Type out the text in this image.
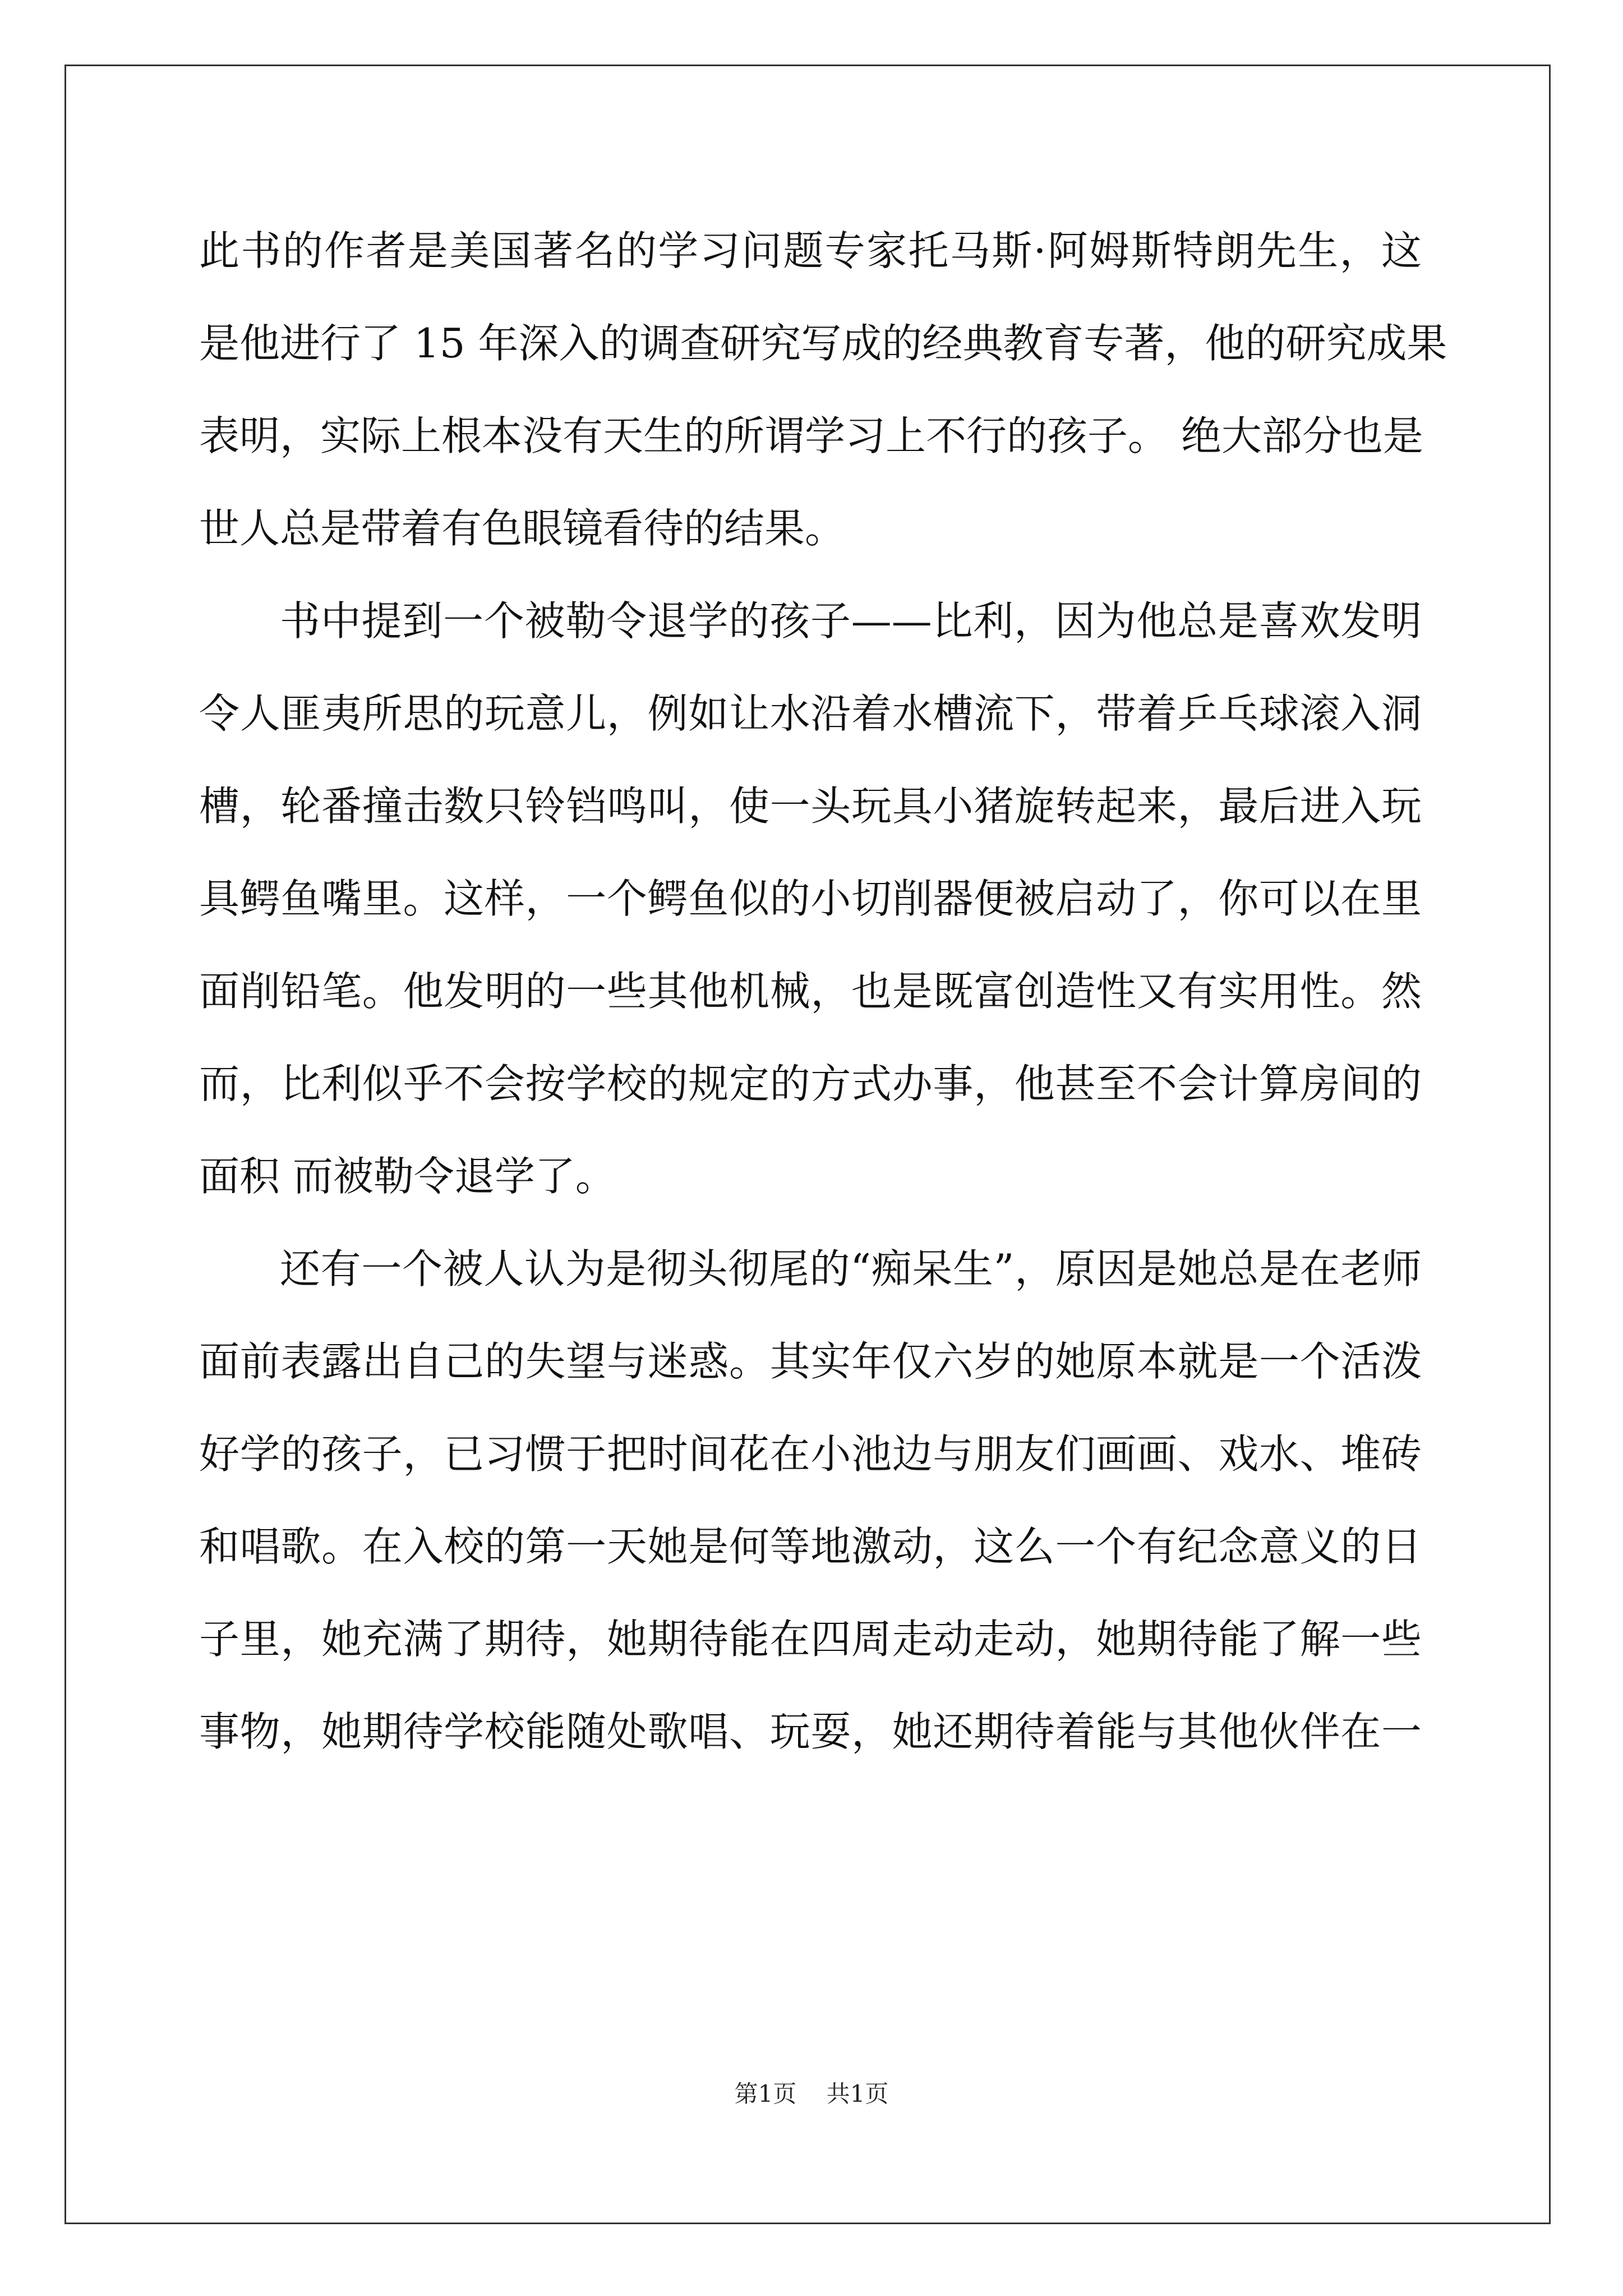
此书的作者是美国著名的学习问题专家托马斯·阿姆斯特朗先生，这
是他进行了 15 年深入的调查研究写成的经典教育专著，他的研究成果
表明，实际上根本没有天生的所谓学习上不行的孩子。 绝大部分也是
世人总是带着有色眼镜看待的结果。
书中提到一个被勒令退学的孩子——比利，因为他总是喜欢发明
令人匪夷所思的玩意儿，例如让水沿着水槽流下，带着乒乓球滚入洞
槽，轮番撞击数只铃铛鸣叫，使一头玩具小猪旋转起来，最后进入玩
具鳄鱼嘴里。这样，一个鳄鱼似的小切削器便被启动了，你可以在里
面削铅笔。他发明的一些其他机械，也是既富创造性又有实用性。然
而，比利似乎不会按学校的规定的方式办事，他甚至不会计算房间的
面积 而被勒令退学了。
还有一个被人认为是彻头彻尾的“痴呆生”，原因是她总是在老师
面前表露出自己的失望与迷惑。其实年仅六岁的她原本就是一个活泼
好学的孩子，已习惯于把时间花在小池边与朋友们画画、戏水、堆砖
和唱歌。在入校的第一天她是何等地激动，这么一个有纪念意义的日
子里，她充满了期待，她期待能在四周走动走动，她期待能了解一些
事物，她期待学校能随处歌唱、玩耍，她还期待着能与其他伙伴在一
第1页 共1页
